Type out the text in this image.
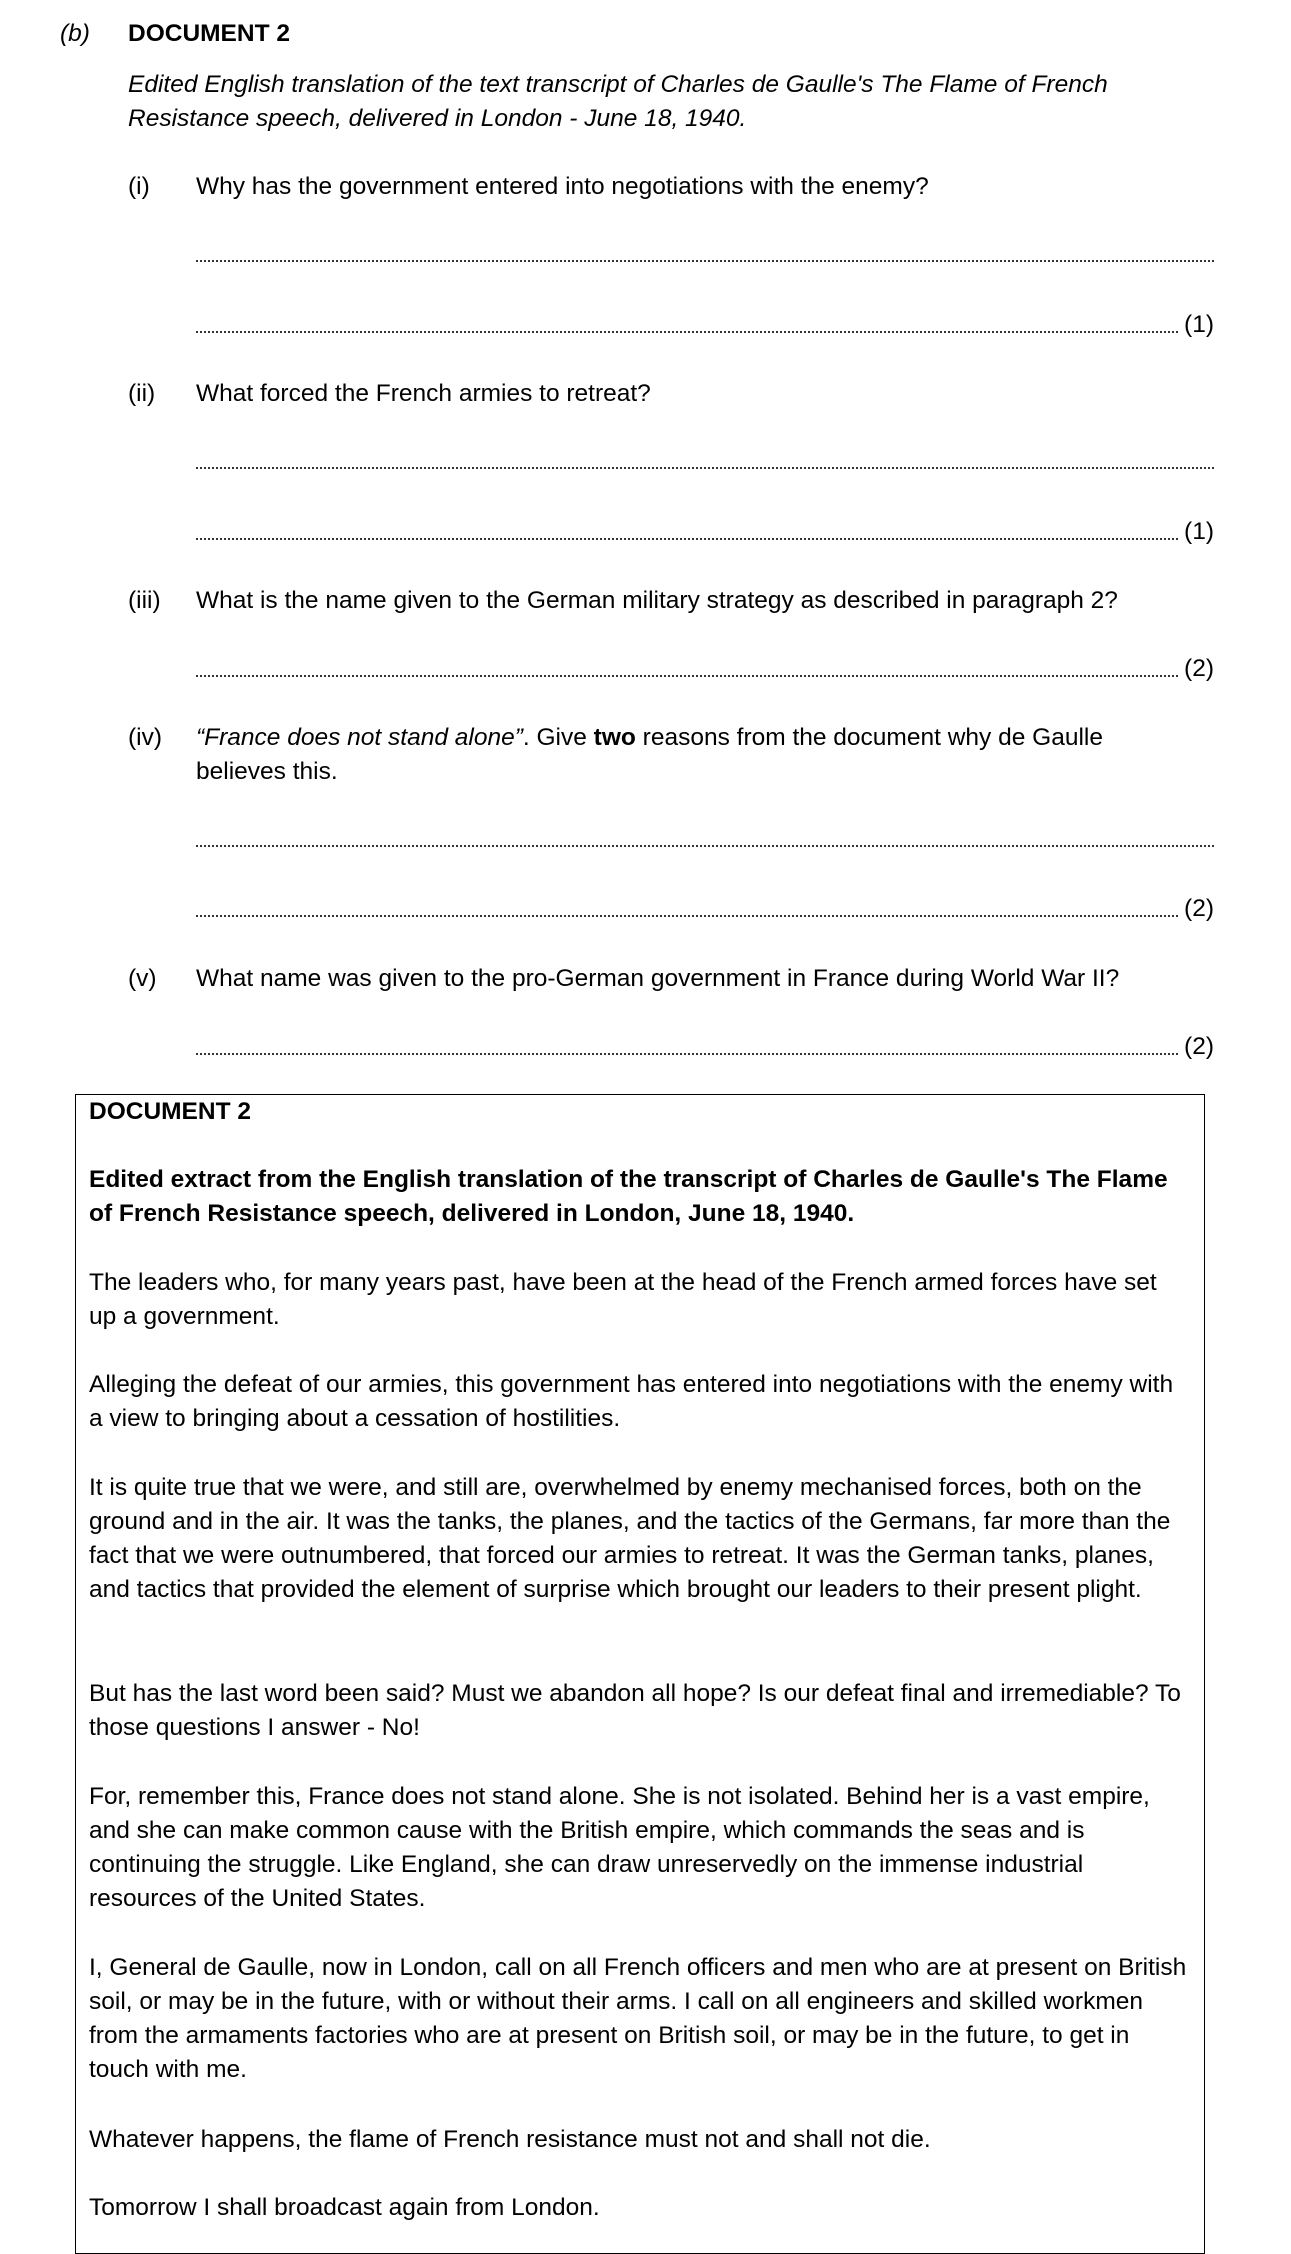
(b) DOCUMENT 2
Edited English translation of the text transcript of Charles de Gaulle's The Flame of French Resistance speech, delivered in London - June 18, 1940.
(i) Why has the government entered into negotiations with the enemy?
(1)
(ii) What forced the French armies to retreat?
(1)
(iii) What is the name given to the German military strategy as described in paragraph 2?
(2)
(iv) “France does not stand alone”. Give two reasons from the document why de Gaulle believes this.
(2)
(v) What name was given to the pro-German government in France during World War II?
(2)
DOCUMENT 2
Edited extract from the English translation of the transcript of Charles de Gaulle's The Flame of French Resistance speech, delivered in London, June 18, 1940.
The leaders who, for many years past, have been at the head of the French armed forces have set up a government.
Alleging the defeat of our armies, this government has entered into negotiations with the enemy with a view to bringing about a cessation of hostilities.
It is quite true that we were, and still are, overwhelmed by enemy mechanised forces, both on the ground and in the air. It was the tanks, the planes, and the tactics of the Germans, far more than the fact that we were outnumbered, that forced our armies to retreat. It was the German tanks, planes, and tactics that provided the element of surprise which brought our leaders to their present plight.
But has the last word been said? Must we abandon all hope? Is our defeat final and irremediable? To those questions I answer - No!
For, remember this, France does not stand alone. She is not isolated. Behind her is a vast empire, and she can make common cause with the British empire, which commands the seas and is continuing the struggle. Like England, she can draw unreservedly on the immense industrial resources of the United States.
I, General de Gaulle, now in London, call on all French officers and men who are at present on British soil, or may be in the future, with or without their arms. I call on all engineers and skilled workmen from the armaments factories who are at present on British soil, or may be in the future, to get in touch with me.
Whatever happens, the flame of French resistance must not and shall not die.
Tomorrow I shall broadcast again from London.
